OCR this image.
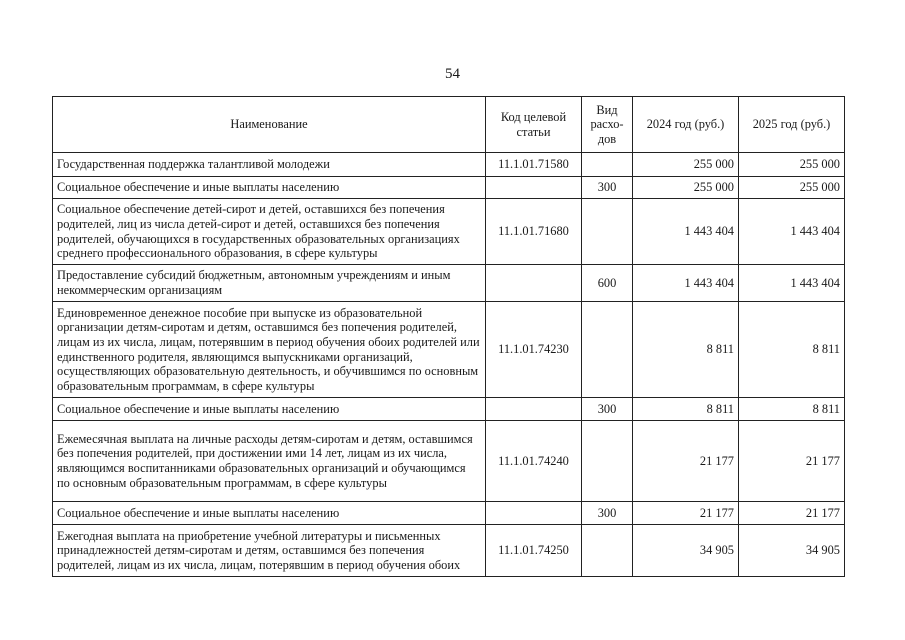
54
Наименование	Код целевой статьи	Вид расхо-дов	2024 год (руб.)	2025 год (руб.)
Государственная поддержка талантливой молодежи	11.1.01.71580		255 000	255 000
Социальное обеспечение и иные выплаты населению		300	255 000	255 000
Социальное обеспечение детей-сирот и детей, оставшихся без попечения родителей, лиц из числа детей-сирот и детей, оставшихся без попечения родителей, обучающихся в государственных образовательных организациях среднего профессионального образования, в сфере культуры	11.1.01.71680		1 443 404	1 443 404
Предоставление субсидий бюджетным, автономным учреждениям и иным некоммерческим организациям		600	1 443 404	1 443 404
Единовременное денежное пособие при выпуске из образовательной организации детям-сиротам и детям, оставшимся без попечения родителей, лицам из их числа, лицам, потерявшим в период обучения обоих родителей или единственного родителя, являющимся выпускниками организаций, осуществляющих образовательную деятельность, и обучившимся по основным образовательным программам, в сфере культуры	11.1.01.74230		8 811	8 811
Социальное обеспечение и иные выплаты населению		300	8 811	8 811
Ежемесячная выплата на личные расходы детям-сиротам и детям, оставшимся без попечения родителей, при достижении ими 14 лет, лицам из их числа, являющимся воспитанниками образовательных организаций и обучающимся по основным образовательным программам, в сфере культуры	11.1.01.74240		21 177	21 177
Социальное обеспечение и иные выплаты населению		300	21 177	21 177
Ежегодная выплата на приобретение учебной литературы и письменных принадлежностей детям-сиротам и детям, оставшимся без попечения родителей, лицам из их числа, лицам, потерявшим в период обучения обоих	11.1.01.74250		34 905	34 905
